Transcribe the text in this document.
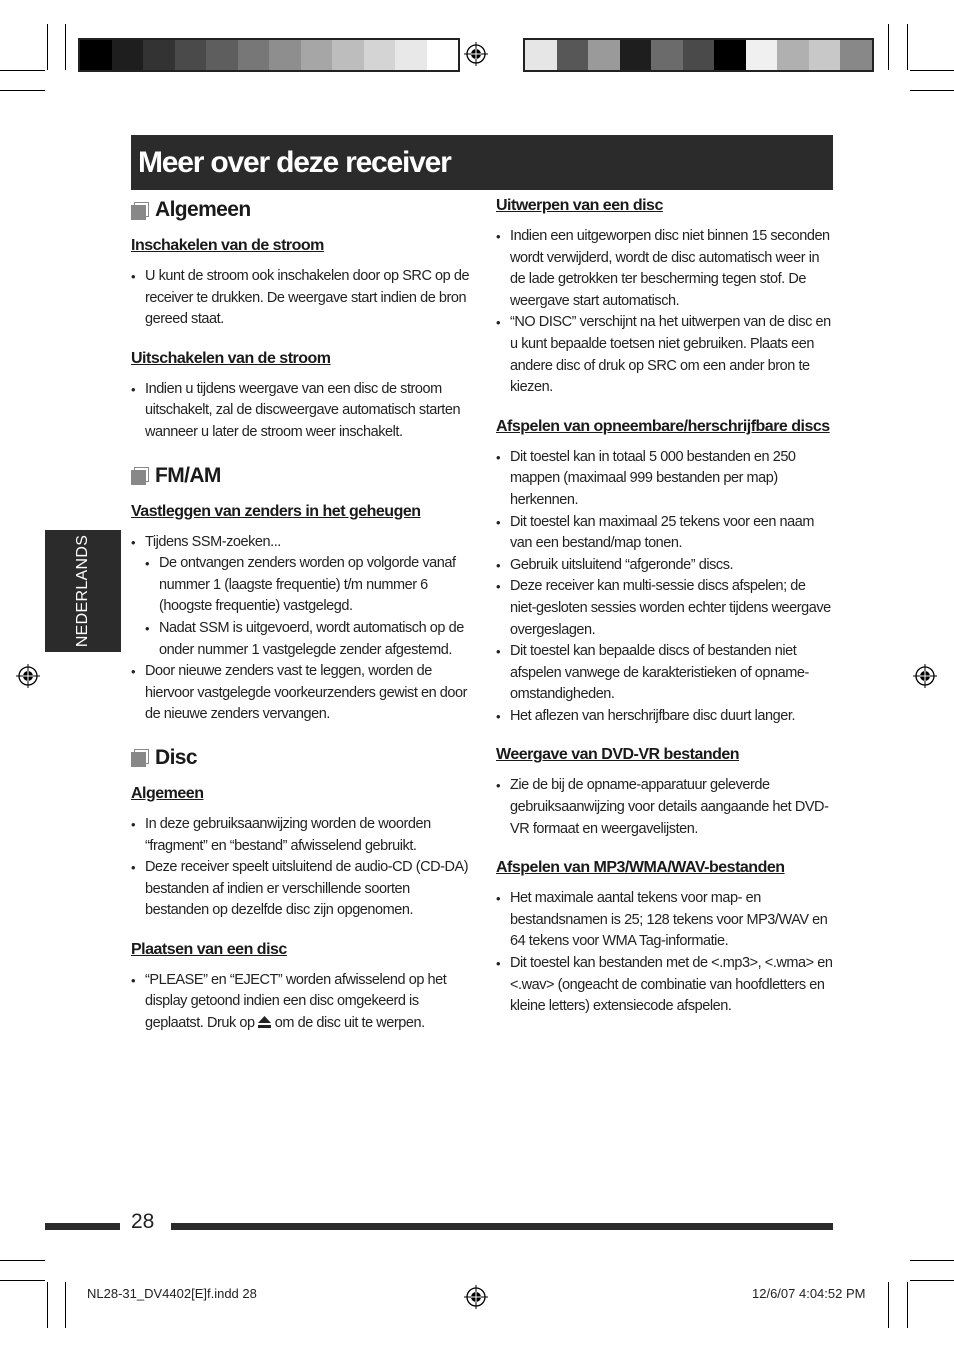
Meer over deze receiver
NEDERLANDS
Algemeen
Inschakelen van de stroom
• U kunt de stroom ook inschakelen door op SRC op de receiver te drukken. De weergave start indien de bron gereed staat.
Uitschakelen van de stroom
• Indien u tijdens weergave van een disc de stroom uitschakelt, zal de discweergave automatisch starten wanneer u later de stroom weer inschakelt.
FM/AM
Vastleggen van zenders in het geheugen
• Tijdens SSM-zoeken...
• De ontvangen zenders worden op volgorde vanaf nummer 1 (laagste frequentie) t/m nummer 6 (hoogste frequentie) vastgelegd.
• Nadat SSM is uitgevoerd, wordt automatisch op de onder nummer 1 vastgelegde zender afgestemd.
• Door nieuwe zenders vast te leggen, worden de hiervoor vastgelegde voorkeurzenders gewist en door de nieuwe zenders vervangen.
Disc
Algemeen
• In deze gebruiksaanwijzing worden de woorden “fragment” en “bestand” afwisselend gebruikt.
• Deze receiver speelt uitsluitend de audio-CD (CD-DA) bestanden af indien er verschillende soorten bestanden op dezelfde disc zijn opgenomen.
Plaatsen van een disc
• “PLEASE” en “EJECT” worden afwisselend op het display getoond indien een disc omgekeerd is geplaatst. Druk op om de disc uit te werpen.
Uitwerpen van een disc
• Indien een uitgeworpen disc niet binnen 15 seconden wordt verwijderd, wordt de disc automatisch weer in de lade getrokken ter bescherming tegen stof. De weergave start automatisch.
• “NO DISC” verschijnt na het uitwerpen van de disc en u kunt bepaalde toetsen niet gebruiken. Plaats een andere disc of druk op SRC om een ander bron te kiezen.
Afspelen van opneembare/herschrijfbare discs
• Dit toestel kan in totaal 5 000 bestanden en 250 mappen (maximaal 999 bestanden per map) herkennen.
• Dit toestel kan maximaal 25 tekens voor een naam van een bestand/map tonen.
• Gebruik uitsluitend “afgeronde” discs.
• Deze receiver kan multi-sessie discs afspelen; de niet-gesloten sessies worden echter tijdens weergave overgeslagen.
• Dit toestel kan bepaalde discs of bestanden niet afspelen vanwege de karakteristieken of opname-omstandigheden.
• Het aflezen van herschrijfbare disc duurt langer.
Weergave van DVD-VR bestanden
• Zie de bij de opname-apparatuur geleverde gebruiksaanwijzing voor details aangaande het DVD-VR formaat en weergavelijsten.
Afspelen van MP3/WMA/WAV-bestanden
• Het maximale aantal tekens voor map- en bestandsnamen is 25; 128 tekens voor MP3/WAV en 64 tekens voor WMA Tag-informatie.
• Dit toestel kan bestanden met de <.mp3>, <.wma> en <.wav> (ongeacht de combinatie van hoofdletters en kleine letters) extensiecode afspelen.
28
NL28-31_DV4402[E]f.indd 28	12/6/07 4:04:52 PM
